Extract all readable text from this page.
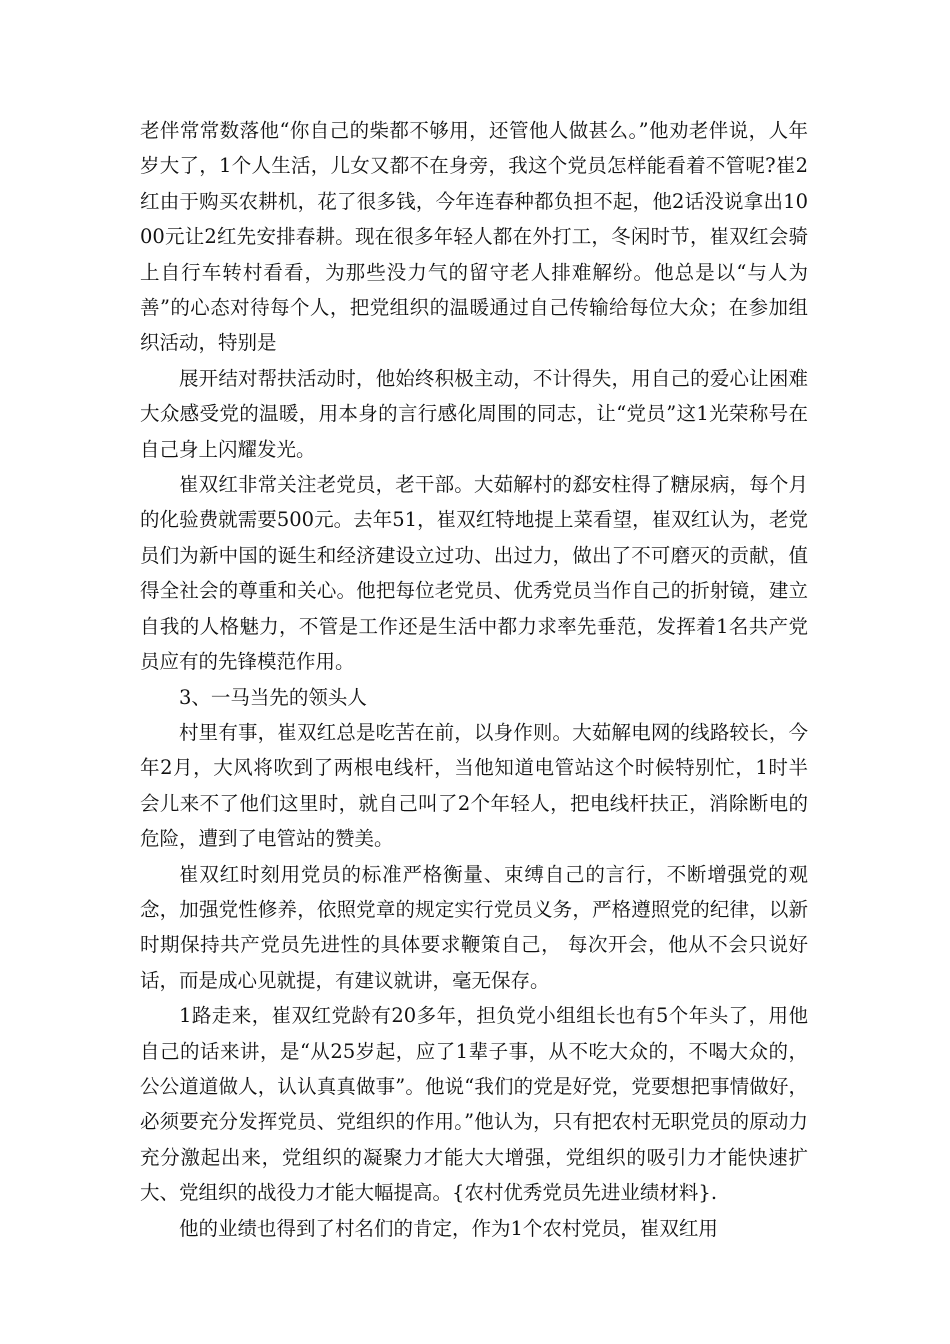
老伴常常数落他“你自己的柴都不够用，还管他人做甚么。”他劝老伴说，人年岁大了，1个人生活，儿女又都不在身旁，我这个党员怎样能看着不管呢?崔2红由于购买农耕机，花了很多钱，今年连春种都负担不起，他2话没说拿出1000元让2红先安排春耕。现在很多年轻人都在外打工，冬闲时节，崔双红会骑上自行车转村看看，为那些没力气的留守老人排难解纷。他总是以“与人为善”的心态对待每个人，把党组织的温暖通过自己传输给每位大众；在参加组织活动，特别是

展开结对帮扶活动时，他始终积极主动，不计得失，用自己的爱心让困难大众感受党的温暖，用本身的言行感化周围的同志，让“党员”这1光荣称号在自己身上闪耀发光。

崔双红非常关注老党员，老干部。大茹解村的郄安柱得了糖尿病，每个月的化验费就需要500元。去年51，崔双红特地提上菜看望，崔双红认为，老党员们为新中国的诞生和经济建设立过功、出过力，做出了不可磨灭的贡献，值得全社会的尊重和关心。他把每位老党员、优秀党员当作自己的折射镜，建立自我的人格魅力，不管是工作还是生活中都力求率先垂范，发挥着1名共产党员应有的先锋模范作用。

3、一马当先的领头人

村里有事，崔双红总是吃苦在前，以身作则。大茹解电网的线路较长，今年2月，大风将吹到了两根电线杆，当他知道电管站这个时候特别忙，1时半会儿来不了他们这里时，就自己叫了2个年轻人，把电线杆扶正，消除断电的危险，遭到了电管站的赞美。

崔双红时刻用党员的标准严格衡量、束缚自己的言行，不断增强党的观念，加强党性修养，依照党章的规定实行党员义务，严格遵照党的纪律，以新时期保持共产党员先进性的具体要求鞭策自己， 每次开会，他从不会只说好话，而是成心见就提，有建议就讲，毫无保存。

1路走来，崔双红党龄有20多年，担负党小组组长也有5个年头了，用他自己的话来讲，是“从25岁起，应了1辈子事，从不吃大众的，不喝大众的，公公道道做人，认认真真做事”。他说“我们的党是好党，党要想把事情做好，必须要充分发挥党员、党组织的作用。”他认为，只有把农村无职党员的原动力充分激起出来，党组织的凝聚力才能大大增强，党组织的吸引力才能快速扩大、党组织的战役力才能大幅提高。{农村优秀党员先进业绩材料}.

他的业绩也得到了村名们的肯定，作为1个农村党员，崔双红用
